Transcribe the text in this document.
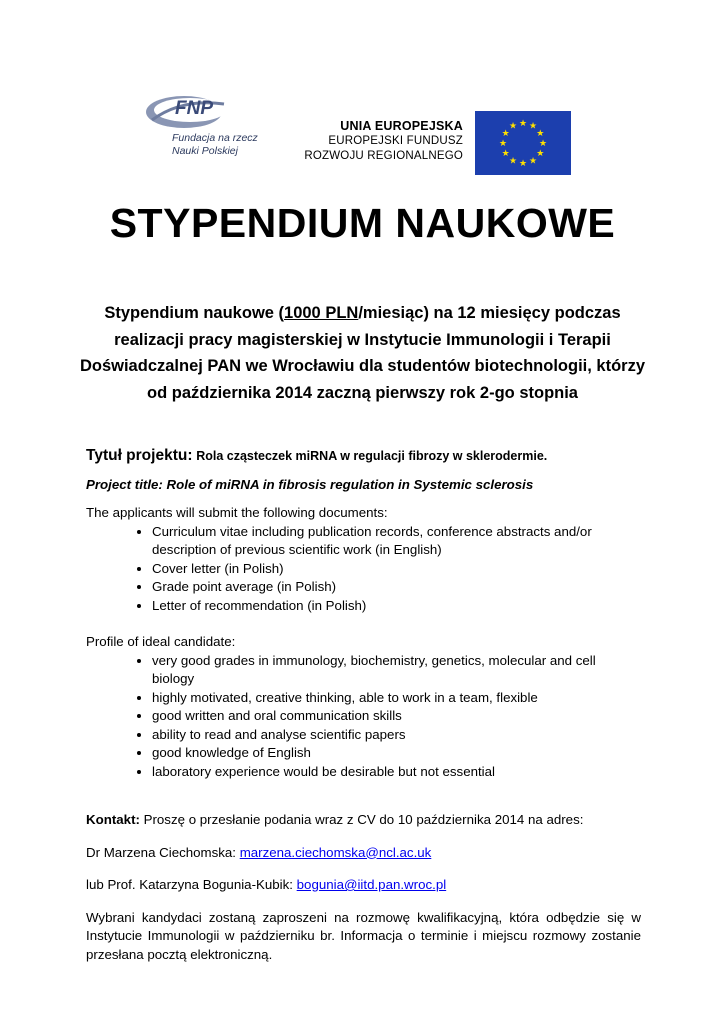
FNP
Fundacja na rzecz
Nauki Polskiej
UNIA EUROPEJSKA
EUROPEJSKI FUNDUSZ
ROZWOJU REGIONALNEGO
★ ★
★
★
★
★
★
★
★
★
★
★
STYPENDIUM NAUKOWE
Stypendium naukowe (1000 PLN/miesiąc) na 12 miesięcy podczas realizacji pracy magisterskiej w Instytucie Immunologii i Terapii Doświadczalnej PAN we Wrocławiu dla studentów biotechnologii, którzy od października 2014 zaczną pierwszy rok 2-go stopnia

Tytuł projektu: Rola cząsteczek miRNA w regulacji fibrozy w sklerodermie.

Project title: Role of miRNA in fibrosis regulation in Systemic sclerosis

The applicants will submit the following documents:

• Curriculum vitae including publication records, conference abstracts and/or description of previous scientific work (in English)
• Cover letter (in Polish)
• Grade point average (in Polish)
• Letter of recommendation (in Polish)

Profile of ideal candidate:

• very good grades in immunology, biochemistry, genetics, molecular and cell biology
• highly motivated, creative thinking, able to work in a team, flexible
• good written and oral communication skills
• ability to read and analyse scientific papers
• good knowledge of English
• laboratory experience would be desirable but not essential

Kontakt: Proszę o przesłanie podania wraz z CV do 10 października 2014 na adres:

Dr Marzena Ciechomska: marzena.ciechomska@ncl.ac.uk

lub Prof. Katarzyna Bogunia-Kubik: bogunia@iitd.pan.wroc.pl

Wybrani kandydaci zostaną zaproszeni na rozmowę kwalifikacyjną, która odbędzie się w Instytucie Immunologii w październiku br. Informacja o terminie i miejscu rozmowy zostanie przesłana pocztą elektroniczną.
